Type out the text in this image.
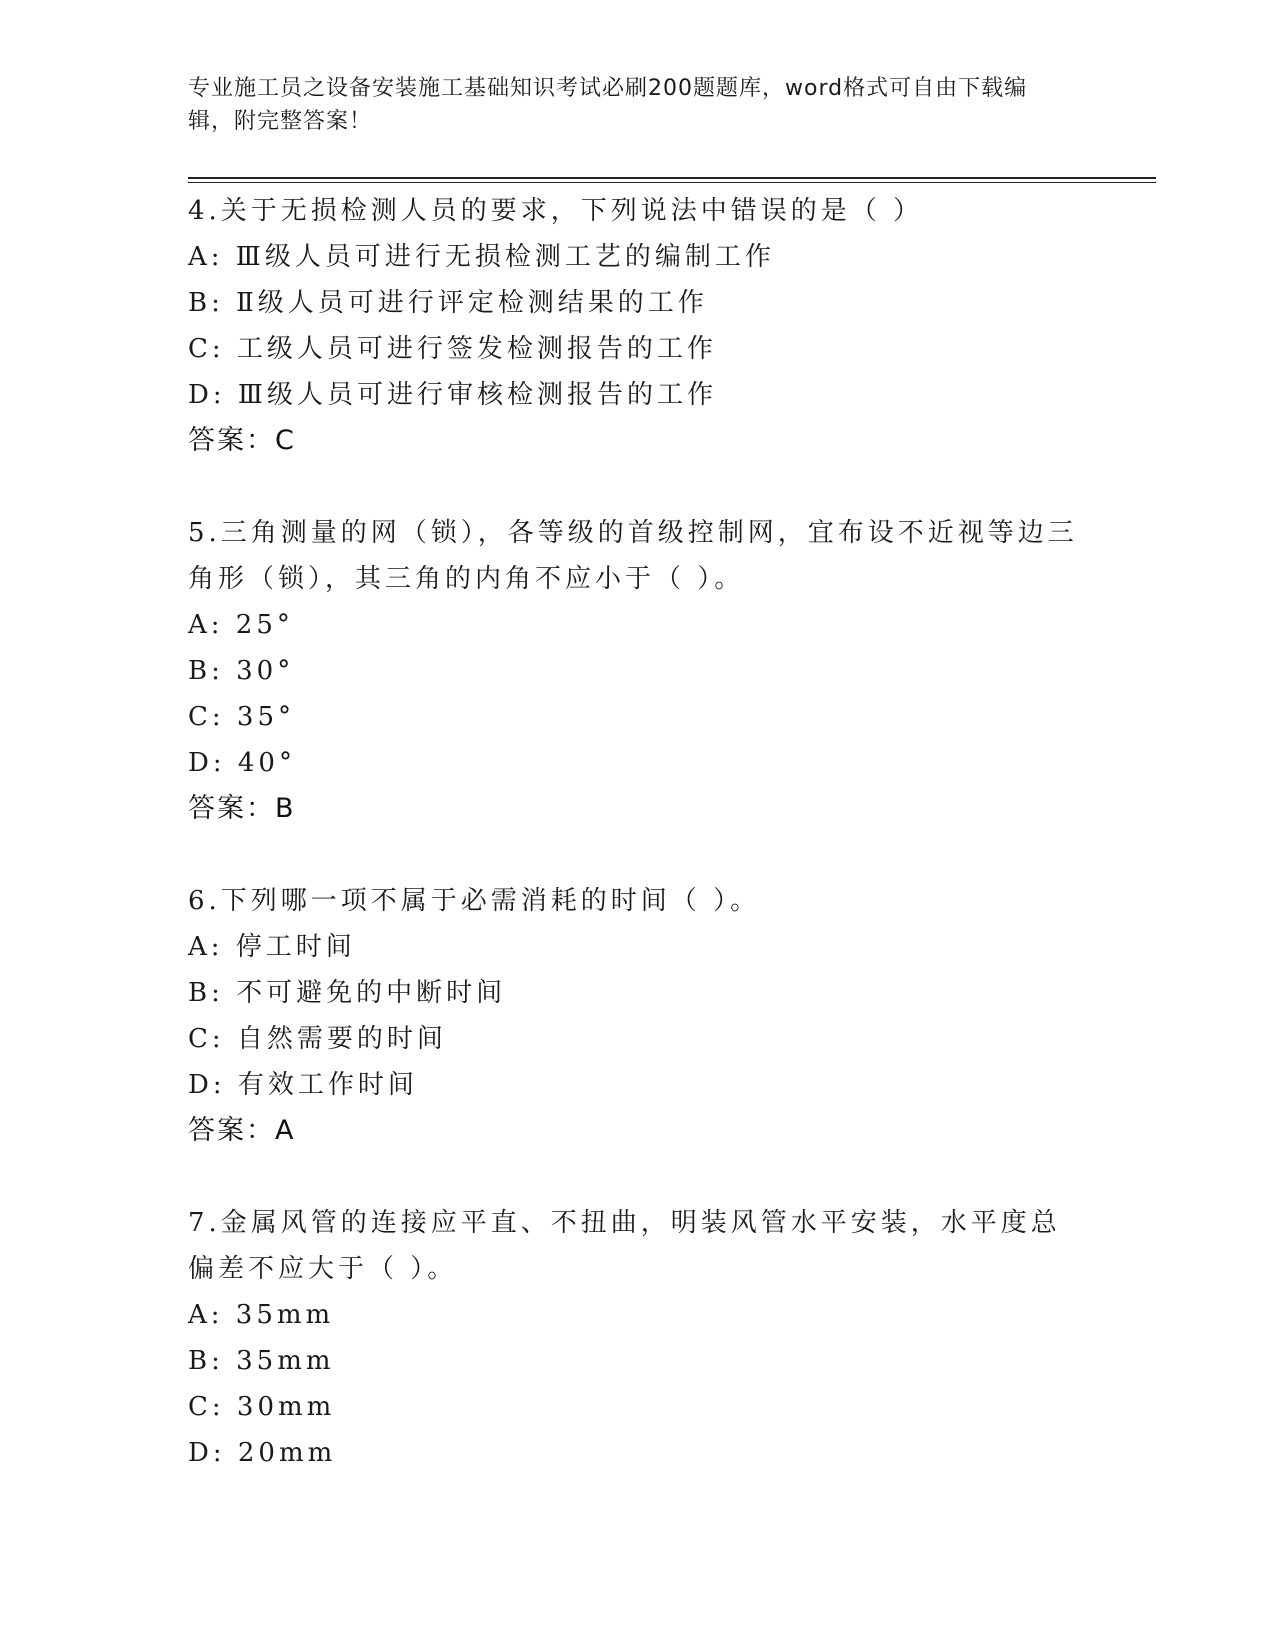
专业施工员之设备安装施工基础知识考试必刷200题题库，word格式可自由下载编辑，附完整答案！
4.关于无损检测人员的要求，下列说法中错误的是（ ）
A: Ⅲ级人员可进行无损检测工艺的编制工作
B: Ⅱ级人员可进行评定检测结果的工作
C: 工级人员可进行签发检测报告的工作
D: Ⅲ级人员可进行审核检测报告的工作
答案：C
5.三角测量的网（锁），各等级的首级控制网，宜布设不近视等边三角形（锁），其三角的内角不应小于（ ）。
A: 25°
B: 30°
C: 35°
D: 40°
答案：B
6.下列哪一项不属于必需消耗的时间（ ）。
A: 停工时间
B: 不可避免的中断时间
C: 自然需要的时间
D: 有效工作时间
答案：A
7.金属风管的连接应平直、不扭曲，明装风管水平安装，水平度总偏差不应大于（ ）。
A: 35mm
B: 35mm
C: 30mm
D: 20mm
